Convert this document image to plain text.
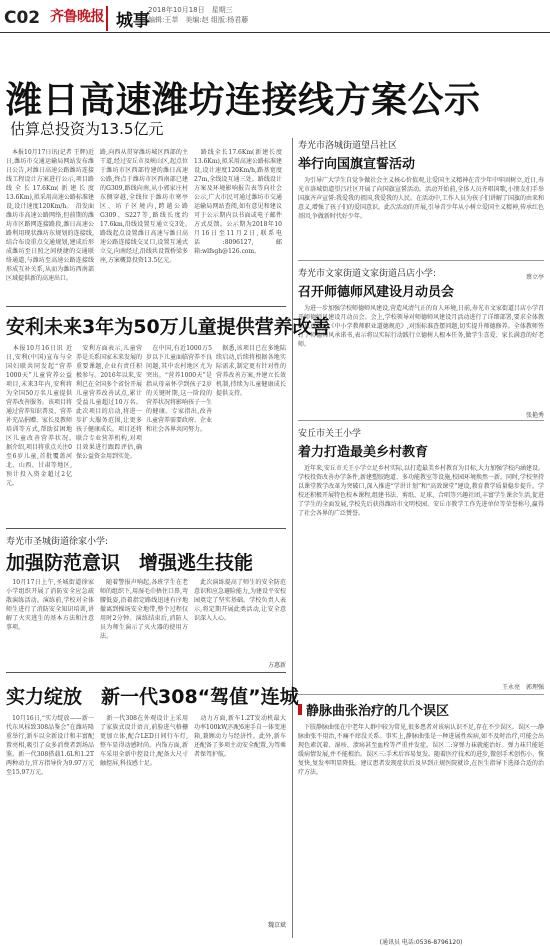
C02 齐鲁晚报 城事
2018年10月18日　星期三
编辑:王莘　美编:赵 组版:杨君藤
潍日高速潍坊连接线方案公示
估算总投资为13.5亿元
　本报10月17日讯(记者 王辉)近日,潍坊市交通运输局网站发布潍日公告,对潍日高速公路潍坊连接线工程设计方案进行公示,项目路线全长17.6Km(新建长度13.6Km),拟采用高速公路标准建设,设计速度120Km/h。　沿发面潍坊市高速公路网络,但前期的潍坊市区路网连接路段,潍日高速公路利用现状潍坊东规划的连接线,结合布设重点交通规划,建成后形成潍坊至日照之间便捷的交通联络通道,与潍坊至高速公路连接线形成互补关系,从而为潍坊西南部区域提供新的高速出口。
路,向西从贯穿潍坊城区西部的主干道,经过安丘市及峡山区,起点位于潍坊市区西部待建的潍日高速公路,终点于潍坊市区西南部已建的G309,路线向南,从小郭家庄村东侧穿越,全线位于潍坊市寒亭区、坊子区境内,跨越公路G309、S227等,路线长度约17.6km,沿线设置互通立交3处。　路线起点设置潍日高速与潍日高速公路连接线交叉口,设置互通式立交,向南经过,沿线共设置桥梁多座,方案概算投资13.5亿元。
　路线全长17.6Km(新建长度13.6Km),拟采用高速公路标准建设,设计速度120Km/h,路基宽度27m,全线设互通三处。路线设计方案及环境影响报告表等向社会公示,广大市民可通过潍坊市交通运输局网站查阅,如有意见和建议可于公示期内以书面或电子邮件方式反馈。公示期为2018年10月16日至11月2日,联系电话:8096127,邮箱:wlfsgh@126.com。
寿光市洛城街道望吕社区
举行向国旗宣誓活动
　为引导广大学生自觉争做社会主义核心价值观,让爱国主义精神在青少年中牢固树立,近日,寿光市洛城街道望吕社区开展了向国旗宣誓活动。活动开始前,全体人员齐唱国歌,小朋友们手举国旗齐声宣誓:我爱我的祖国,我爱我的人民。在活动中,工作人员为孩子们讲解了国旗的由来和意义,增强了孩子们的爱国意识。此次活动的开展,引导青少年从小树立爱国主义精神,传承红色基因,争做新时代好少年。
蔡立亭
寿光市文家街道文家街道吕店小学:
召开师德师风建设月动员会
　为进一步加强学校师德师风建设,营造风清气正的育人环境,日前,寿光市文家街道吕店小学召开师德师风建设月动员会。会上,学校领导对师德师风建设月活动进行了详细部署,要求全体教师认真学习《中小学教师职业道德规范》,对照标准查摆问题,切实提升师德修养。全体教师签订了师德师风承诺书,表示将以实际行动践行立德树人根本任务,做学生喜爱、家长满意的好老师。
张艳秀
安丘市关王小学
着力打造最美乡村教育
　近年来,安丘市关王小学立足乡村实际,以打造最美乡村教育为目标,大力加强学校内涵建设。学校投资改善办学条件,新建塑胶跑道、多功能教室等设施,校园环境焕然一新。同时,学校坚持以课堂教学改革为突破口,深入推进“学讲计划”和“高效课堂”建设,教育教学质量稳步提升。学校还积极开展特色校本课程,组建书法、剪纸、足球、合唱等兴趣社团,丰富学生课余生活,促进了学生的全面发展,学校先后获得潍坊市文明校园、安丘市教学工作先进单位等荣誉称号,赢得了社会各界的广泛赞誉。
王永亮　郭理强
静脉曲张治疗的几个误区
　下肢静脉曲张在中老年人群中较为常见,很多患者对该病认识不足,存在不少误区。误区一:静脉曲张不用治,不痛不痒没关系。事实上,静脉曲张是一种进展性疾病,如不及时治疗,可能会出现色素沉着、湿疹、溃疡甚至血栓等严重并发症。误区二:穿弹力袜就能治好。弹力袜只能延缓病情发展,并不能根治。误区三:手术后容易复发。随着医疗技术的进步,微创手术创伤小、恢复快,复发率明显降低。建议患者发现症状后及早到正规医院就诊,在医生指导下选择合适的治疗方法。
(通讯员 电话:0536-8796120)
安利未来3年为50万儿童提供营养改善
　本报10月16日讯 近日,安利(中国)宣布与全国妇联共同发起“营养1000天”儿童营养公益项目,未来3年内,安利将为全国50万名儿童提供营养改善服务。该项目将通过营养知识普及、营养补充品捐赠、家长及教师培训等方式,帮助贫困地区儿童改善营养状况。　据介绍,项目将重点关注0至6岁儿童,首批覆盖河北、山西、甘肃等地区,预计投入资金超过2亿元。
　安利方面表示,儿童营养是关系国家未来发展的重要课题,企业有责任积极参与。2016年以来,安利已在全国多个省份开展儿童营养改善试点,累计受益儿童超过10万名。此次项目的启动,将进一步扩大服务范围,让更多孩子健康成长。项目还将联合专业营养机构,对项目效果进行跟踪评估,确保公益资金用到实处。
　在中国,有近1000万5岁以下儿童面临营养不良问题,其中农村地区尤为突出。“营养1000天”是指从母亲怀孕到孩子2岁的关键时期,这一阶段的营养状况将影响孩子一生的健康。专家指出,改善儿童营养需要政府、企业和社会各界共同努力。
　据悉,该项目已在多地陆续启动,后续将根据各地实际需求,制定更有针对性的营养改善方案,并建立长效机制,持续为儿童健康成长提供支持。
寿光市圣城街道徐家小学:
加强防范意识　增强逃生技能
　10月17日上午,圣城街道徐家小学组织开展了消防安全应急疏散演练活动。演练前,学校对全体师生进行了消防安全知识培训,讲解了火灾逃生的基本方法和注意事项。
　随着警报声响起,各班学生在老师的组织下,用湿毛巾捂住口鼻,弯腰低姿,沿着指定路线迅速有序地撤离到操场安全地带,整个过程仅用时2分钟。演练结束后,消防人员为师生演示了灭火器的使用方法。
　此次演练提高了师生的安全防范意识和应急避险能力,为建设平安校园奠定了坚实基础。学校负责人表示,将定期开展此类活动,让安全意识深入人心。
方惠新
实力绽放　新一代308“驾值”连城
　10月16日,“实力绽放——新一代东风标致308品鉴会”在潍坊隆重举行,新车以全新设计和丰富配置亮相,吸引了众多消费者到场品鉴。新一代308搭载1.6L和1.2T两种动力,官方指导价为9.97万元至15.97万元。
　新一代308在外观设计上采用了家族式设计语言,前脸进气格栅更加立体,配合LED日间行车灯,整车显得动感时尚。内饰方面,新车采用全新中控设计,配备大尺寸触控屏,科技感十足。
　动力方面,新车1.2T发动机最大功率100kW,匹配6速手自一体变速箱,兼顾动力与经济性。此外,新车还配备了多项主动安全配置,为驾乘者保驾护航。
魏京斌
